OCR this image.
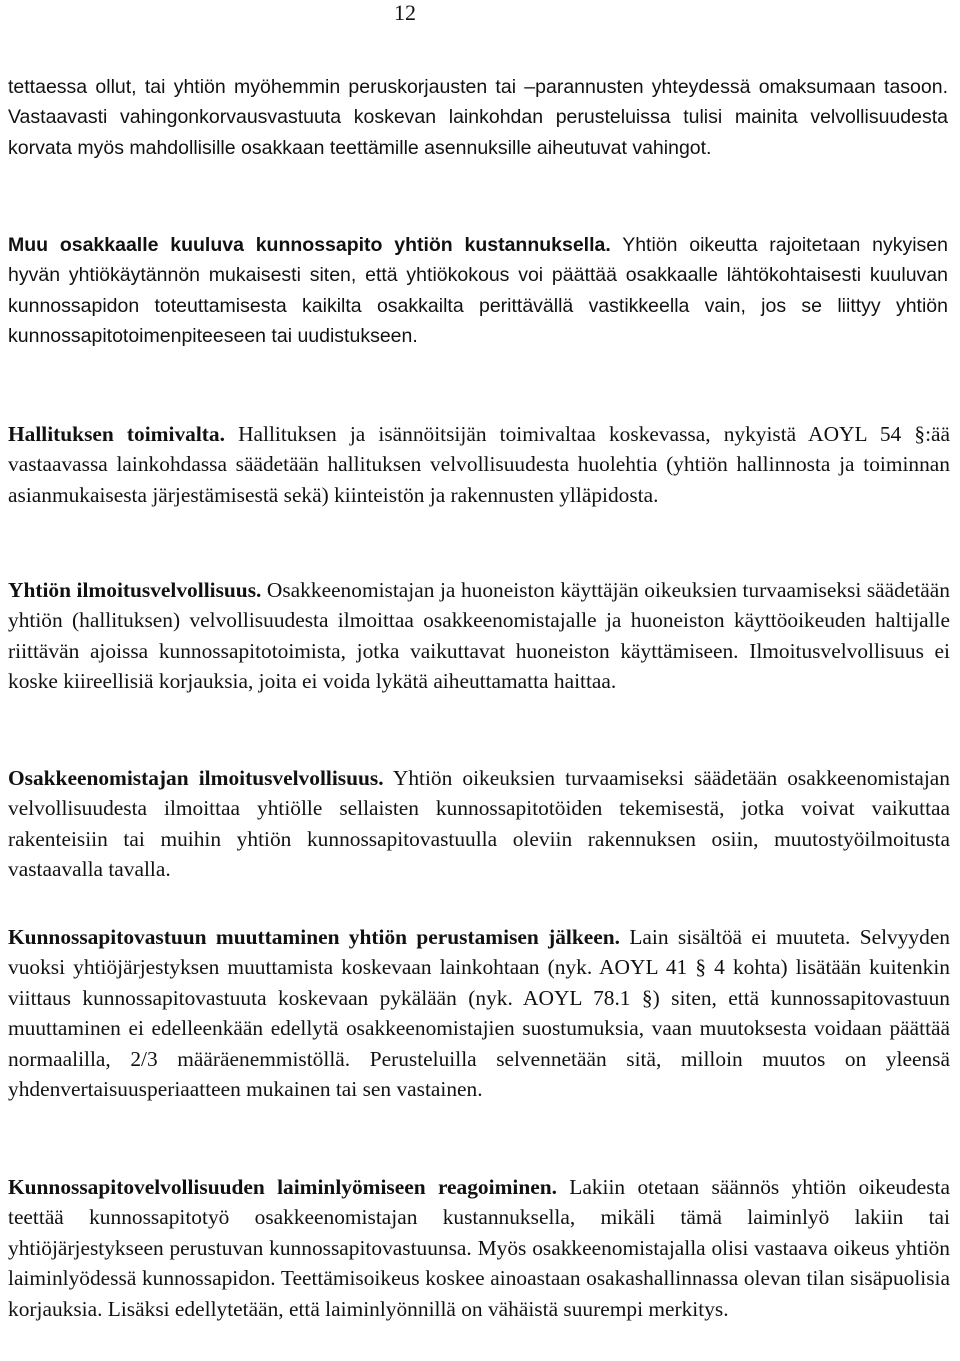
12

tettaessa ollut, tai yhtiön myöhemmin peruskorjausten tai –parannusten yhteydessä omaksumaan tasoon. Vastaavasti vahingonkorvausvastuuta koskevan lainkohdan perusteluissa tulisi mainita velvollisuudesta korvata myös mahdollisille osakkaan teettämille asennuksille aiheutuvat vahingot.

Muu osakkaalle kuuluva kunnossapito yhtiön kustannuksella. Yhtiön oikeutta rajoitetaan nykyisen hyvän yhtiökäytännön mukaisesti siten, että yhtiökokous voi päättää osakkaalle lähtökohtaisesti kuuluvan kunnossapidon toteuttamisesta kaikilta osakkailta perittävällä vastikkeella vain, jos se liittyy yhtiön kunnossapitotoimenpiteeseen tai uudistukseen.

Hallituksen toimivalta. Hallituksen ja isännöitsijän toimivaltaa koskevassa, nykyistä AOYL 54 §:ää vastaavassa lainkohdassa säädetään hallituksen velvollisuudesta huolehtia (yhtiön hallinnosta ja toiminnan asianmukaisesta järjestämisestä sekä) kiinteistön ja rakennusten ylläpidosta.

Yhtiön ilmoitusvelvollisuus. Osakkeenomistajan ja huoneiston käyttäjän oikeuksien turvaamiseksi säädetään yhtiön (hallituksen) velvollisuudesta ilmoittaa osakkeenomistajalle ja huoneiston käyttöoikeuden haltijalle riittävän ajoissa kunnossapitotoimista, jotka vaikuttavat huoneiston käyttämiseen. Ilmoitusvelvollisuus ei koske kiireellisiä korjauksia, joita ei voida lykätä aiheuttamatta haittaa.

Osakkeenomistajan ilmoitusvelvollisuus. Yhtiön oikeuksien turvaamiseksi säädetään osakkeenomistajan velvollisuudesta ilmoittaa yhtiölle sellaisten kunnossapitotöiden tekemisestä, jotka voivat vaikuttaa rakenteisiin tai muihin yhtiön kunnossapitovastuulla oleviin rakennuksen osiin, muutostyöilmoitusta vastaavalla tavalla.

Kunnossapitovastuun muuttaminen yhtiön perustamisen jälkeen. Lain sisältöä ei muuteta. Selvyyden vuoksi yhtiöjärjestyksen muuttamista koskevaan lainkohtaan (nyk. AOYL 41 § 4 kohta) lisätään kuitenkin viittaus kunnossapitovastuuta koskevaan pykälään (nyk. AOYL 78.1 §) siten, että kunnossapitovastuun muuttaminen ei edelleenkään edellytä osakkeenomistajien suostumuksia, vaan muutoksesta voidaan päättää normaalilla, 2/3 määräenemmistöllä. Perusteluilla selvennetään sitä, milloin muutos on yleensä yhdenvertaisuusperiaatteen mukainen tai sen vastainen.

Kunnossapitovelvollisuuden laiminlyömiseen reagoiminen. Lakiin otetaan säännös yhtiön oikeudesta teettää kunnossapitotyö osakkeenomistajan kustannuksella, mikäli tämä laiminlyö lakiin tai yhtiöjärjestykseen perustuvan kunnossapitovastuunsa. Myös osakkeenomistajalla olisi vastaava oikeus yhtiön laiminlyödessä kunnossapidon. Teettämisoikeus koskee ainoastaan osakashallinnassa olevan tilan sisäpuolisia korjauksia. Lisäksi edellytetään, että laiminlyönnillä on vähäistä suurempi merkitys.
